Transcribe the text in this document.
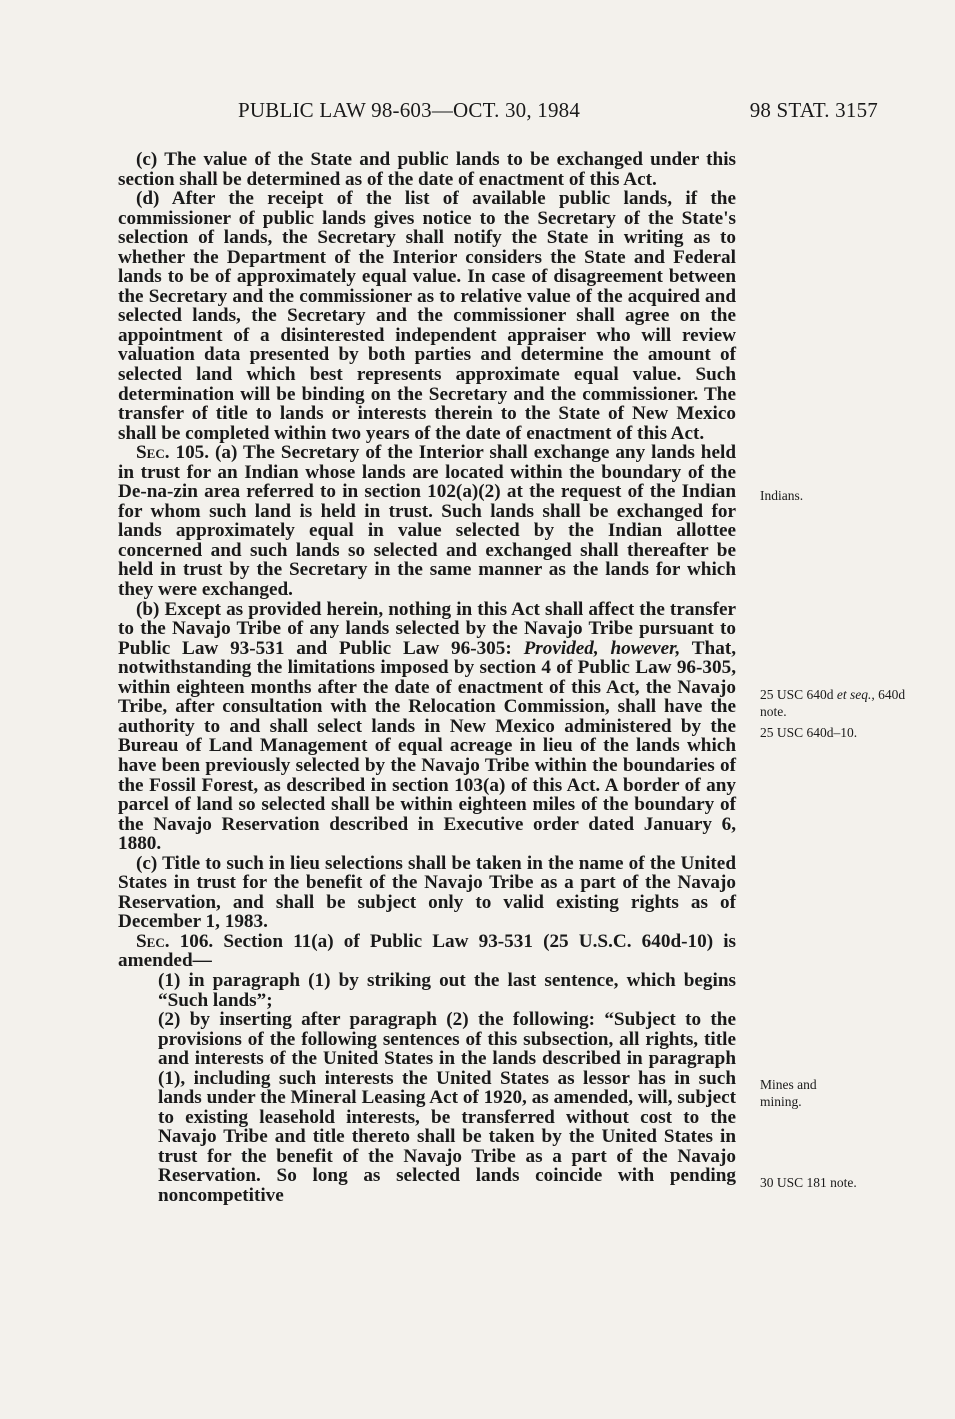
PUBLIC LAW 98-603—OCT. 30, 1984	98 STAT. 3157

(c) The value of the State and public lands to be exchanged under this section shall be determined as of the date of enactment of this Act.

(d) After the receipt of the list of available public lands, if the commissioner of public lands gives notice to the Secretary of the State's selection of lands, the Secretary shall notify the State in writing as to whether the Department of the Interior considers the State and Federal lands to be of approximately equal value. In case of disagreement between the Secretary and the commissioner as to relative value of the acquired and selected lands, the Secretary and the commissioner shall agree on the appointment of a disinterested independent appraiser who will review valuation data presented by both parties and determine the amount of selected land which best represents approximate equal value. Such determination will be binding on the Secretary and the commissioner. The transfer of title to lands or interests therein to the State of New Mexico shall be completed within two years of the date of enactment of this Act.

Sec. 105. (a) The Secretary of the Interior shall exchange any lands held in trust for an Indian whose lands are located within the boundary of the De-na-zin area referred to in section 102(a)(2) at the request of the Indian for whom such land is held in trust. Such lands shall be exchanged for lands approximately equal in value selected by the Indian allottee concerned and such lands so selected and exchanged shall thereafter be held in trust by the Secretary in the same manner as the lands for which they were exchanged.

(b) Except as provided herein, nothing in this Act shall affect the transfer to the Navajo Tribe of any lands selected by the Navajo Tribe pursuant to Public Law 93-531 and Public Law 96-305: Provided, however, That, notwithstanding the limitations imposed by section 4 of Public Law 96-305, within eighteen months after the date of enactment of this Act, the Navajo Tribe, after consultation with the Relocation Commission, shall have the authority to and shall select lands in New Mexico administered by the Bureau of Land Management of equal acreage in lieu of the lands which have been previously selected by the Navajo Tribe within the boundaries of the Fossil Forest, as described in section 103(a) of this Act. A border of any parcel of land so selected shall be within eighteen miles of the boundary of the Navajo Reservation described in Executive order dated January 6, 1880.

(c) Title to such in lieu selections shall be taken in the name of the United States in trust for the benefit of the Navajo Tribe as a part of the Navajo Reservation, and shall be subject only to valid existing rights as of December 1, 1983.

Sec. 106. Section 11(a) of Public Law 93-531 (25 U.S.C. 640d-10) is amended—

(1) in paragraph (1) by striking out the last sentence, which begins “Such lands”;

(2) by inserting after paragraph (2) the following: “Subject to the provisions of the following sentences of this subsection, all rights, title and interests of the United States in the lands described in paragraph (1), including such interests the United States as lessor has in such lands under the Mineral Leasing Act of 1920, as amended, will, subject to existing leasehold interests, be transferred without cost to the Navajo Tribe and title thereto shall be taken by the United States in trust for the benefit of the Navajo Tribe as a part of the Navajo Reservation. So long as selected lands coincide with pending noncompetitive

Indians.
25 USC 640d et seq., 640d note.
25 USC 640d–10.
Mines and mining.
30 USC 181 note.
